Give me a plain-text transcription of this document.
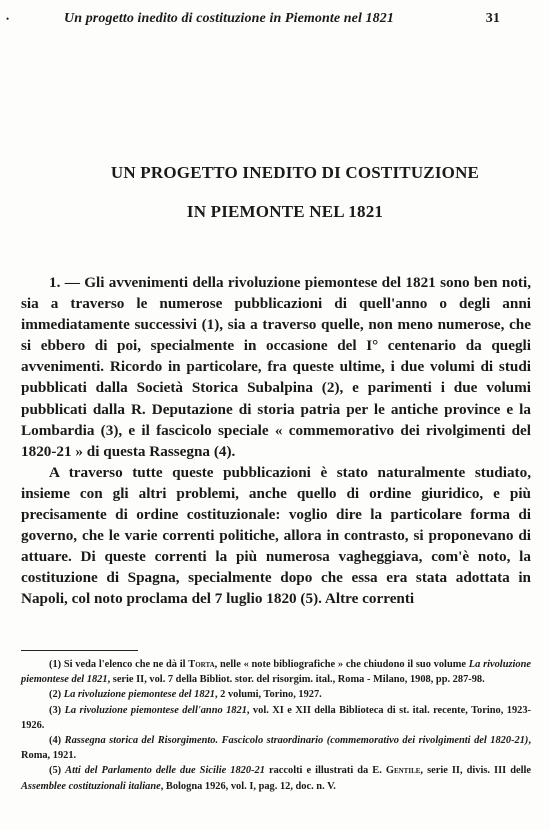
•	Un progetto inedito di costituzione in Piemonte nel 1821	31
UN PROGETTO INEDITO DI COSTITUZIONE
IN PIEMONTE NEL 1821

1. — Gli avvenimenti della rivoluzione piemontese del 1821 sono ben noti, sia a traverso le numerose pubblicazioni di quell'anno o degli anni immediatamente successivi (1), sia a traverso quelle, non meno numerose, che si ebbero di poi, specialmente in occasione del I° centenario da quegli avvenimenti. Ricordo in particolare, fra queste ultime, i due volumi di studi pubblicati dalla Società Storica Subalpina (2), e parimenti i due volumi pubblicati dalla R. Deputazione di storia patria per le antiche province e la Lombardia (3), e il fascicolo speciale « commemorativo dei rivolgimenti del 1820-21 » di questa Rassegna (4).

A traverso tutte queste pubblicazioni è stato naturalmente studiato, insieme con gli altri problemi, anche quello di ordine giuridico, e più precisamente di ordine costituzionale: voglio dire la particolare forma di governo, che le varie correnti politiche, allora in contrasto, si proponevano di attuare. Di queste correnti la più numerosa vagheggiava, com'è noto, la costituzione di Spagna, specialmente dopo che essa era stata adottata in Napoli, col noto proclama del 7 luglio 1820 (5). Altre correnti

(1) Si veda l'elenco che ne dà il Torta, nelle « note bibliografiche » che chiudono il suo volume La rivoluzione piemontese del 1821, serie II, vol. 7 della Bibliot. stor. del risorgim. ital., Roma - Milano, 1908, pp. 287-98.

(2) La rivoluzione piemontese del 1821, 2 volumi, Torino, 1927.

(3) La rivoluzione piemontese dell'anno 1821, vol. XI e XII della Biblioteca di st. ital. recente, Torino, 1923-1926.

(4) Rassegna storica del Risorgimento. Fascicolo straordinario (commemorativo dei rivolgimenti del 1820-21), Roma, 1921.

(5) Atti del Parlamento delle due Sicilie 1820-21 raccolti e illustrati da E. Gentile, serie II, divis. III delle Assemblee costituzionali italiane, Bologna 1926, vol. I, pag. 12, doc. n. V.
